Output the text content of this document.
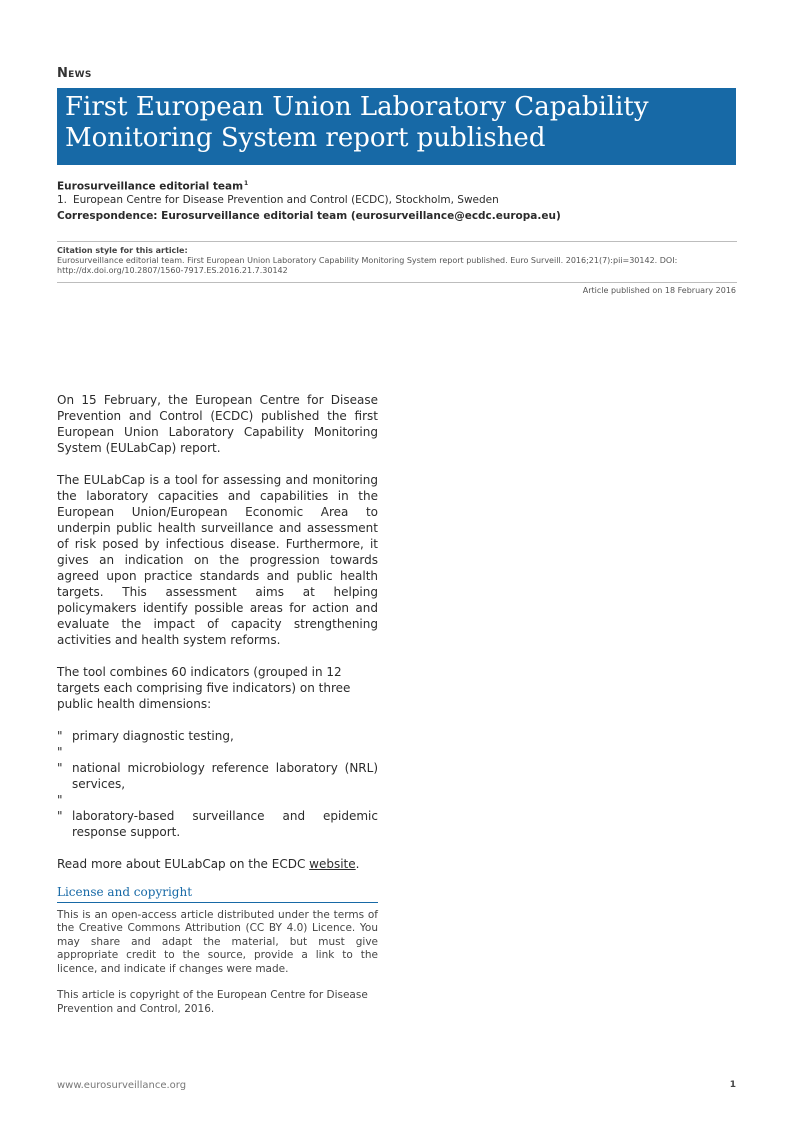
News
First European Union Laboratory Capability Monitoring System report published
Eurosurveillance editorial team$^1$
1. European Centre for Disease Prevention and Control (ECDC), Stockholm, Sweden
Correspondence: Eurosurveillance editorial team (eurosurveillance@ecdc.europa.eu)
Citation style for this article:
Eurosurveillance editorial team. First European Union Laboratory Capability Monitoring System report published. Euro Surveill. 2016;21(7):pii=30142. DOI: http://dx.doi.org/10.2807/1560-7917.ES.2016.21.7.30142
Article published on 18 February 2016

On 15 February, the European Centre for Disease Prevention and Control (ECDC) published the first European Union Laboratory Capability Monitoring System (EULabCap) report.

The EULabCap is a tool for assessing and monitoring the laboratory capacities and capabilities in the European Union/European Economic Area to underpin public health surveillance and assessment of risk posed by infectious disease. Furthermore, it gives an indication on the progression towards agreed upon practice standards and public health targets. This assessment aims at helping policymakers identify possible areas for action and evaluate the impact of capacity strengthening activities and health system reforms.

The tool combines 60 indicators (grouped in 12 targets each comprising five indicators) on three public health dimensions:

" primary diagnostic testing,
"
" national microbiology reference laboratory (NRL) services,
"
" laboratory-based surveillance and epidemic response support.

Read more about EULabCap on the ECDC website.

License and copyright

This is an open-access article distributed under the terms of the Creative Commons Attribution (CC BY 4.0) Licence. You may share and adapt the material, but must give appropriate credit to the source, provide a link to the licence, and indicate if changes were made.

This article is copyright of the European Centre for Disease Prevention and Control, 2016.

www.eurosurveillance.org	1
